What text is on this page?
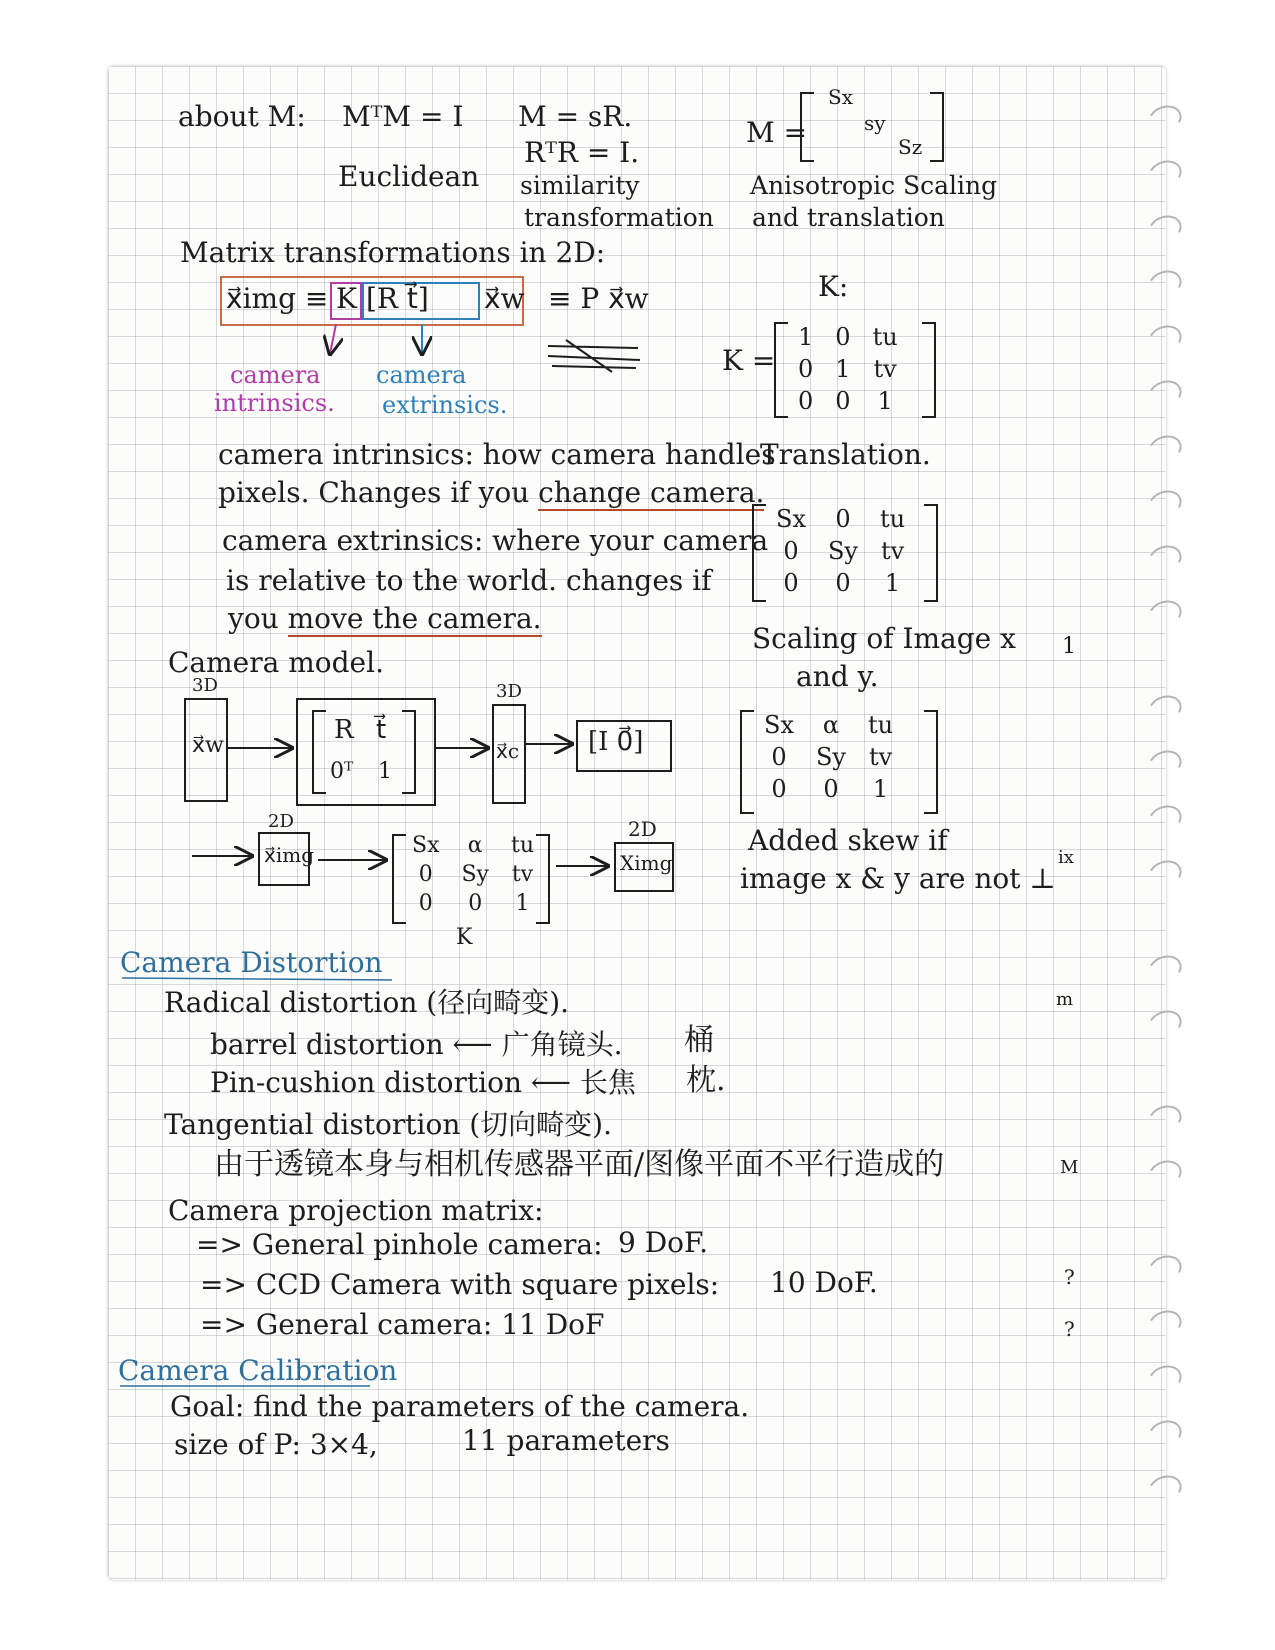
1
ix
m
M
?
?
about M: MᵀM = I
Euclidean
M = sR.
RᵀR = I.
similarity
transformation
M =
Sx
sy
Sz
Anisotropic Scaling
and translation
Matrix transformations in 2D:
x⃗img ≡ K [R t⃗] x⃗w ≡ P x⃗w
camera
intrinsics.
camera
extrinsics.
K:
K =
1	0	tu
0	1	tv
0	0	1
Translation.
camera intrinsics: how camera handles
pixels. Changes if you change camera.
camera extrinsics: where your camera
is relative to the world. changes if
you move the camera.
Sx	0	tu
0	Sy	tv
0	0	1
Scaling of Image x
and y.
Sx	α	tu
0	Sy	tv
0	0	1
Added skew if
image x & y are not ⊥
Camera model.
3D
x⃗w
R t⃗
0ᵀ 1
3D
x⃗c	[I 0⃗]
2D
x⃗img	Sx	α	tu
0	Sy	tv
0	0	1
K
2D
Ximg
Camera Distortion
Radical distortion (径向畸变).
barrel distortion ⟵ 广角镜头. 桶
Pin-cushion distortion ⟵ 长焦 枕.
Tangential distortion (切向畸变).
由于透镜本身与相机传感器平面/图像平面不平行造成的
Camera projection matrix:
=> General pinhole camera: 9 DoF.
=> CCD Camera with square pixels: 10 DoF.
=> General camera: 11 DoF
Camera Calibration
Goal: find the parameters of the camera.
size of P: 3×4,	11 parameters
